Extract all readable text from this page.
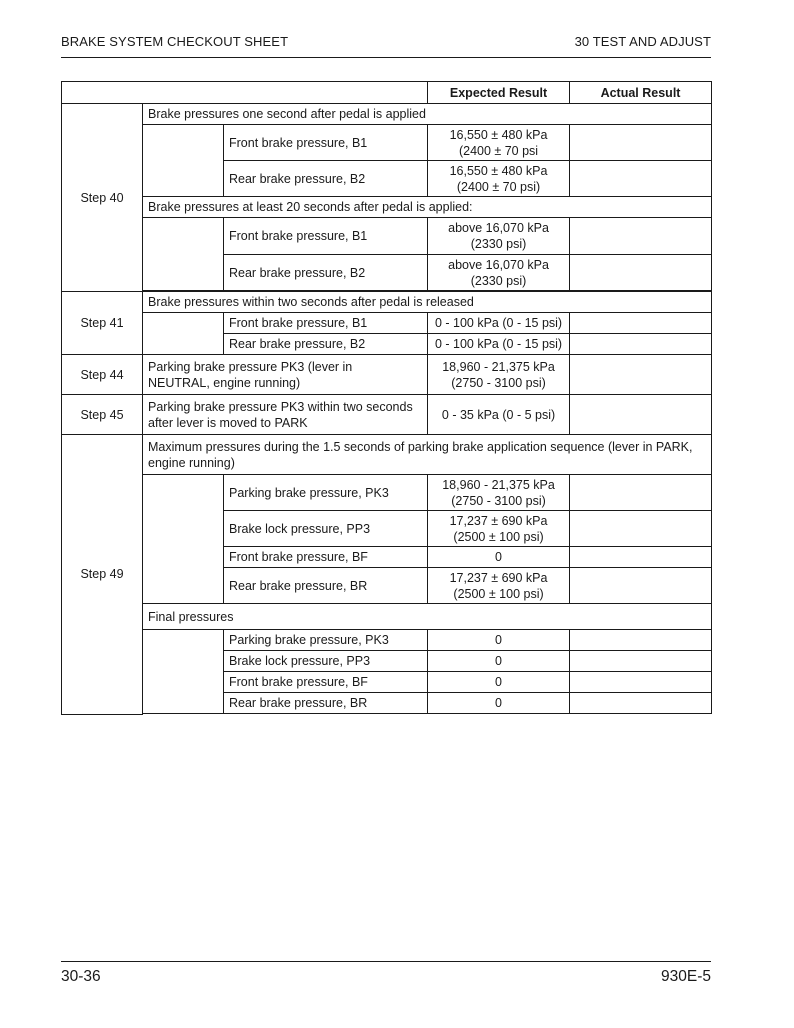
BRAKE SYSTEM CHECKOUT SHEET	30 TEST AND ADJUST
			Expected Result	Actual Result
Step 40	Brake pressures one second after pedal is applied			
		Front brake pressure, B1	16,550 ± 480 kPa
(2400 ± 70 psi	
		Rear brake pressure, B2	16,550 ± 480 kPa
(2400 ± 70 psi)	
	Brake pressures at least 20 seconds after pedal is applied:			
		Front brake pressure, B1	above 16,070 kPa
(2330 psi)	
		Rear brake pressure, B2	above 16,070 kPa
(2330 psi)	

Step 41	Brake pressures within two seconds after pedal is released			
		Front brake pressure, B1	0 - 100 kPa (0 - 15 psi)	
		Rear brake pressure, B2	0 - 100 kPa (0 - 15 psi)	
Step 44	Parking brake pressure PK3 (lever in
NEUTRAL, engine running)		18,960 - 21,375 kPa
(2750 - 3100 psi)	
Step 45	Parking brake pressure PK3 within two seconds
after lever is moved to PARK		0 - 35 kPa (0 - 5 psi)	
Step 49	Maximum pressures during the 1.5 seconds of parking brake application sequence (lever in PARK, engine running)			
		Parking brake pressure, PK3	18,960 - 21,375 kPa
(2750 - 3100 psi)	
		Brake lock pressure, PP3	17,237 ± 690 kPa
(2500 ± 100 psi)	
		Front brake pressure, BF	0	
		Rear brake pressure, BR	17,237 ± 690 kPa
(2500 ± 100 psi)	
	Final pressures			
		Parking brake pressure, PK3	0	
		Brake lock pressure, PP3	0	
		Front brake pressure, BF	0	
		Rear brake pressure, BR	0	

30-36	930E-5
